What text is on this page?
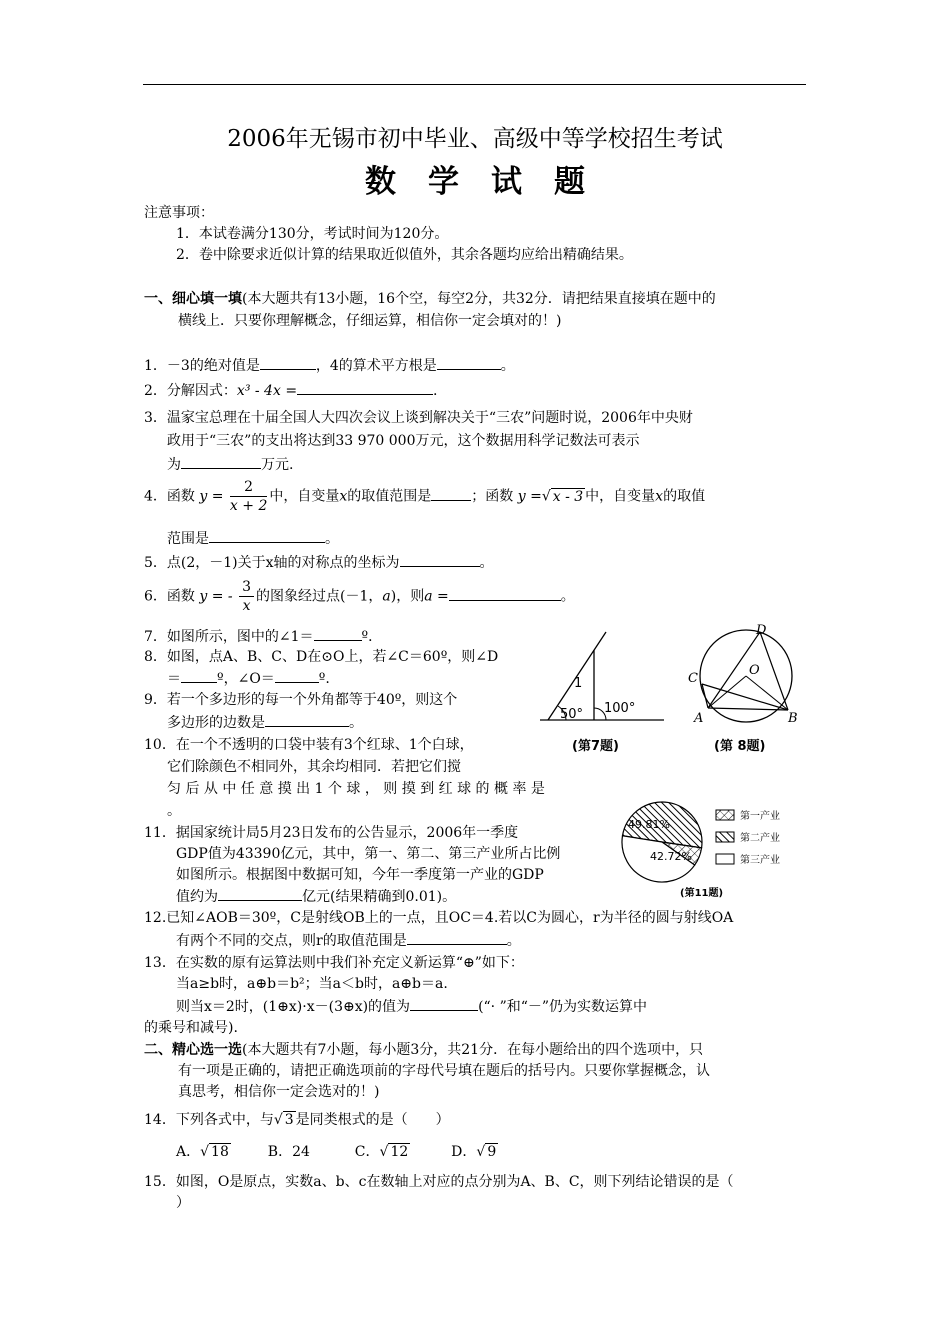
2006年无锡市初中毕业、高级中等学校招生考试
数学试题
注意事项：
1．本试卷满分130分，考试时间为120分。
2．卷中除要求近似计算的结果取近似值外，其余各题均应给出精确结果。
一、细心填一填(本大题共有13小题，16个空，每空2分，共32分．请把结果直接填在题中的
横线上．只要你理解概念，仔细运算，相信你一定会填对的！)
1．－3的绝对值是	，4的算术平方根是	。
2．分解因式：x³ - 4x =	.
3．温家宝总理在十届全国人大四次会议上谈到解决关于“三农”问题时说，2006年中央财
政用于“三农”的支出将达到33 970 000万元，这个数据用科学记数法可表示
为	万元.
4．函数 $y = \frac{2}{x + 2}$ 中，自变量x的取值范围是	；函数 y =√ x - 3 中，自变量x的取值
范围是	。
5．点(2，－1)关于x轴的对称点的坐标为	。
6．函数 y = - $\frac{3}{x}$ 的图象经过点(－1，a)，则a =	。
7．如图所示，图中的∠1＝	º．
8．如图，点A、B、C、D在⊙O上，若∠C＝60º，则∠D
＝	º，∠O＝	º.
9．若一个多边形的每一个外角都等于40º，则这个
多边形的边数是	。
10．在一个不透明的口袋中装有3个红球、1个白球，
它们除颜色不相同外，其余均相同．若把它们搅
匀 后 从 中 任 意 摸 出 1 个 球 ， 则 摸 到 红 球 的 概 率 是
。
11．据国家统计局5月23日发布的公告显示，2006年一季度
GDP值为43390亿元，其中，第一、第二、第三产业所占比例
如图所示。根据图中数据可知，今年一季度第一产业的GDP
值约为	亿元(结果精确到0.01)。
12.已知∠AOB＝30º，C是射线OB上的一点，且OC＝4.若以C为圆心，r为半径的圆与射线OA
有两个不同的交点，则r的取值范围是	。
13．在实数的原有运算法则中我们补充定义新运算“⊕”如下：
当a≥b时，a⊕b＝b²；当a＜b时，a⊕b＝a.
则当x＝2时，(1⊕x)·x－(3⊕x)的值为	(“· ”和“－”仍为实数运算中
的乘号和减号).
二、精心选一选(本大题共有7小题，每小题3分，共21分．在每小题给出的四个选项中，只
有一项是正确的，请把正确选项前的字母代号填在题后的括号内。只要你掌握概念，认
真思考，相信你一定会选对的！)
14．下列各式中，与√ 3 是同类根式的是（　　）
A．√ 18	B．24	C．√ 12	D．√ 9
15．如图，O是原点，实数a、b、c在数轴上对应的点分别为A、B、C，则下列结论错误的是（
）
1
50° 100°
(第7题)
D
C
O
A	B
(第 8题)
49.81%
42.72%
第一产业
第二产业
第三产业
(第11题)
